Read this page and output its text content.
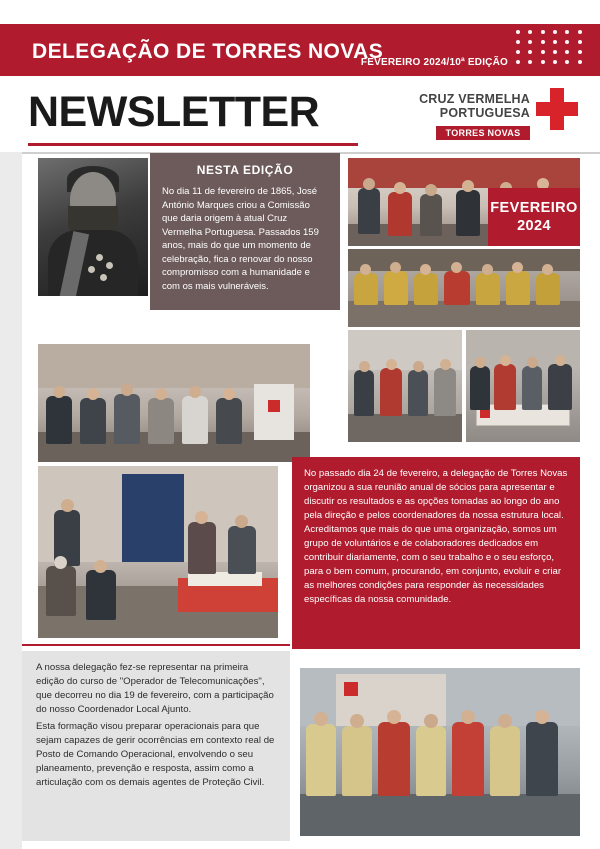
DELEGAÇÃO DE TORRES NOVAS
FEVEREIRO 2024/10ª EDIÇÃO
NEWSLETTER	CRUZ VERMELHA
PORTUGUESA
TORRES NOVAS
NESTA EDIÇÃO
No dia 11 de fevereiro de 1865, José António Marques criou a Comissão que daria origem à atual Cruz Vermelha Portuguesa. Passados 159 anos, mais do que um momento de celebração, fica o renovar do nosso compromisso com a humanidade e com os mais vulneráveis.
FEVEREIRO
2024
No passado dia 24 de fevereiro, a delegação de Torres Novas organizou a sua reunião anual de sócios para apresentar e discutir os resultados e as opções tomadas ao longo do ano pela direção e pelos coordenadores da nossa estrutura local. Acreditamos que mais do que uma organização, somos um grupo de voluntários e de colaboradores dedicados em contribuir diariamente, com o seu trabalho e o seu esforço, para o bem comum, procurando, em conjunto, evoluir e criar as melhores condições para responder às necessidades específicas da nossa comunidade.

A nossa delegação fez-se representar na primeira edição do curso de "Operador de Telecomunicações", que decorreu no dia 19 de fevereiro, com a participação do nosso Coordenador Local Ajunto.

Esta formação visou preparar operacionais para que sejam capazes de gerir ocorrências em contexto real de Posto de Comando Operacional, envolvendo o seu planeamento, prevenção e resposta, assim como a articulação com os demais agentes de Proteção Civil.
